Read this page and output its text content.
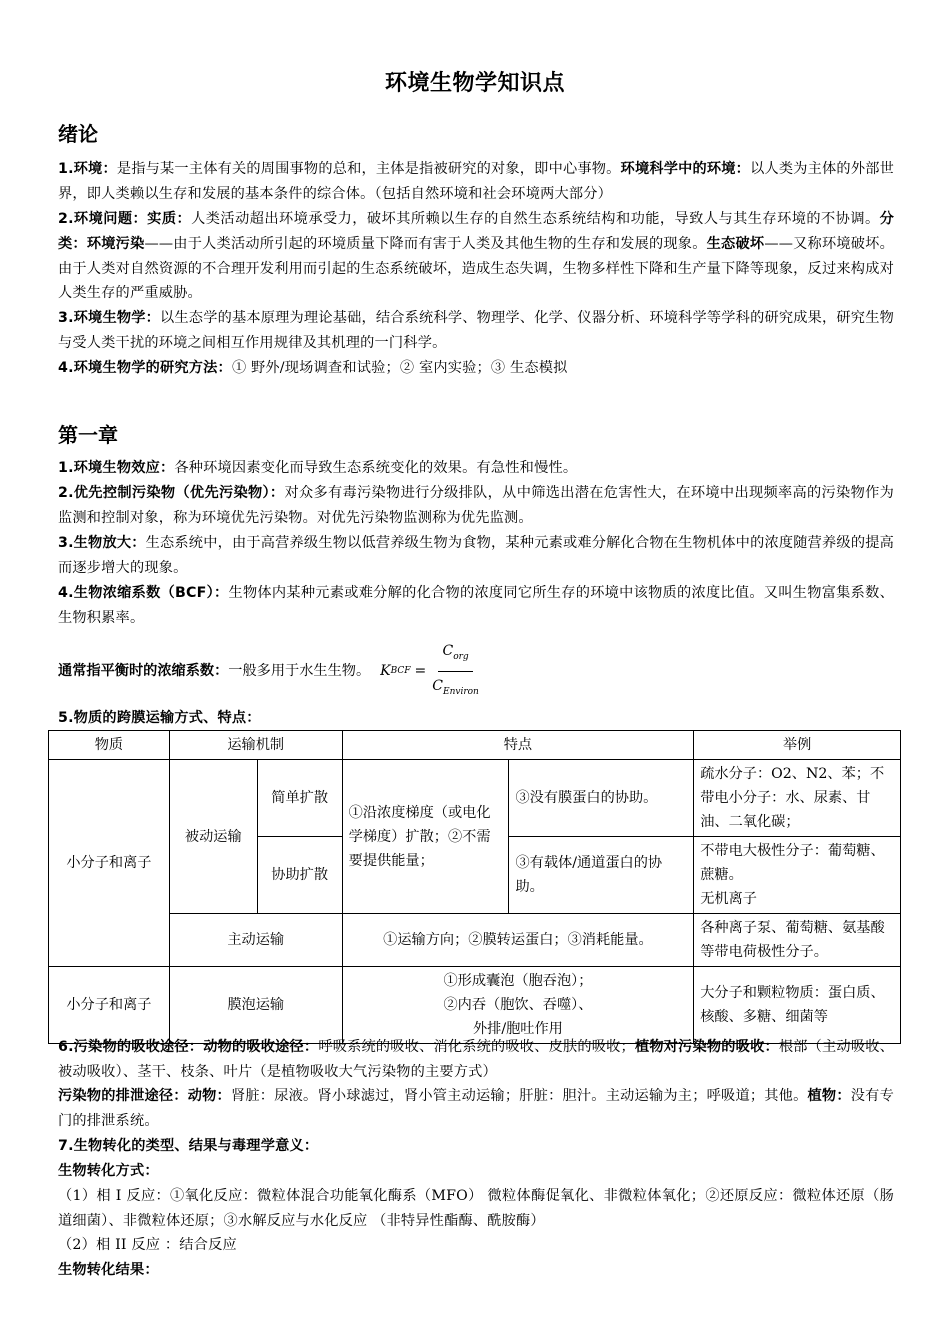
环境生物学知识点
绪论
1.环境：是指与某一主体有关的周围事物的总和，主体是指被研究的对象，即中心事物。环境科学中的环境：以人类为主体的外部世界，即人类赖以生存和发展的基本条件的综合体。（包括自然环境和社会环境两大部分）
2.环境问题：实质：人类活动超出环境承受力，破坏其所赖以生存的自然生态系统结构和功能，导致人与其生存环境的不协调。分类：环境污染——由于人类活动所引起的环境质量下降而有害于人类及其他生物的生存和发展的现象。生态破坏——又称环境破坏。由于人类对自然资源的不合理开发利用而引起的生态系统破坏，造成生态失调，生物多样性下降和生产量下降等现象，反过来构成对人类生存的严重威胁。
3.环境生物学：以生态学的基本原理为理论基础，结合系统科学、物理学、化学、仪器分析、环境科学等学科的研究成果，研究生物与受人类干扰的环境之间相互作用规律及其机理的一门科学。
4.环境生物学的研究方法：① 野外/现场调查和试验；② 室内实验；③ 生态模拟
第一章
1.环境生物效应：各种环境因素变化而导致生态系统变化的效果。有急性和慢性。
2.优先控制污染物（优先污染物）：对众多有毒污染物进行分级排队，从中筛选出潜在危害性大，在环境中出现频率高的污染物作为监测和控制对象，称为环境优先污染物。对优先污染物监测称为优先监测。
3.生物放大：生态系统中，由于高营养级生物以低营养级生物为食物，某种元素或难分解化合物在生物机体中的浓度随营养级的提高而逐步增大的现象。
4.生物浓缩系数（BCF）：生物体内某种元素或难分解的化合物的浓度同它所生存的环境中该物质的浓度比值。又叫生物富集系数、生物积累率。
通常指平衡时的浓缩系数： 一般多用于水生生物。 K BCF = $\frac{C_{org}}{C_{Environ}}$
5.物质的跨膜运输方式、特点：
物质	运输机制		特点		举例
小分子和离子	被动运输	简单扩散	①沿浓度梯度（或电化学梯度）扩散；②不需要提供能量；	③没有膜蛋白的协助。	疏水分子：O2、N2、苯；不带电小分子：水、尿素、甘油、二氧化碳；
		协助扩散		③有载体/通道蛋白的协助。	不带电大极性分子：葡萄糖、蔗糖。
无机离子
	主动运输		①运输方向；②膜转运蛋白；③消耗能量。		各种离子泵、葡萄糖、氨基酸等带电荷极性分子。
小分子和离子	膜泡运输		①形成囊泡（胞吞泡）；
②内吞（胞饮、吞噬）、
外排/胞吐作用		大分子和颗粒物质：蛋白质、核酸、多糖、细菌等
6.污染物的吸收途径：动物的吸收途径：呼吸系统的吸收、消化系统的吸收、皮肤的吸收；植物对污染物的吸收：根部（主动吸收、被动吸收）、茎干、枝条、叶片（是植物吸收大气污染物的主要方式）
污染物的排泄途径：动物：肾脏：尿液。肾小球滤过，肾小管主动运输；肝脏：胆汁。主动运输为主；呼吸道；其他。植物：没有专门的排泄系统。
7.生物转化的类型、结果与毒理学意义：
生物转化方式：
（1）相 I 反应：①氧化反应：微粒体混合功能氧化酶系（MFO） 微粒体酶促氧化、非微粒体氧化；②还原反应：微粒体还原（肠道细菌）、非微粒体还原；③水解反应与水化反应 （非特异性酯酶、酰胺酶）
（2）相 II 反应 ：结合反应
生物转化结果：
